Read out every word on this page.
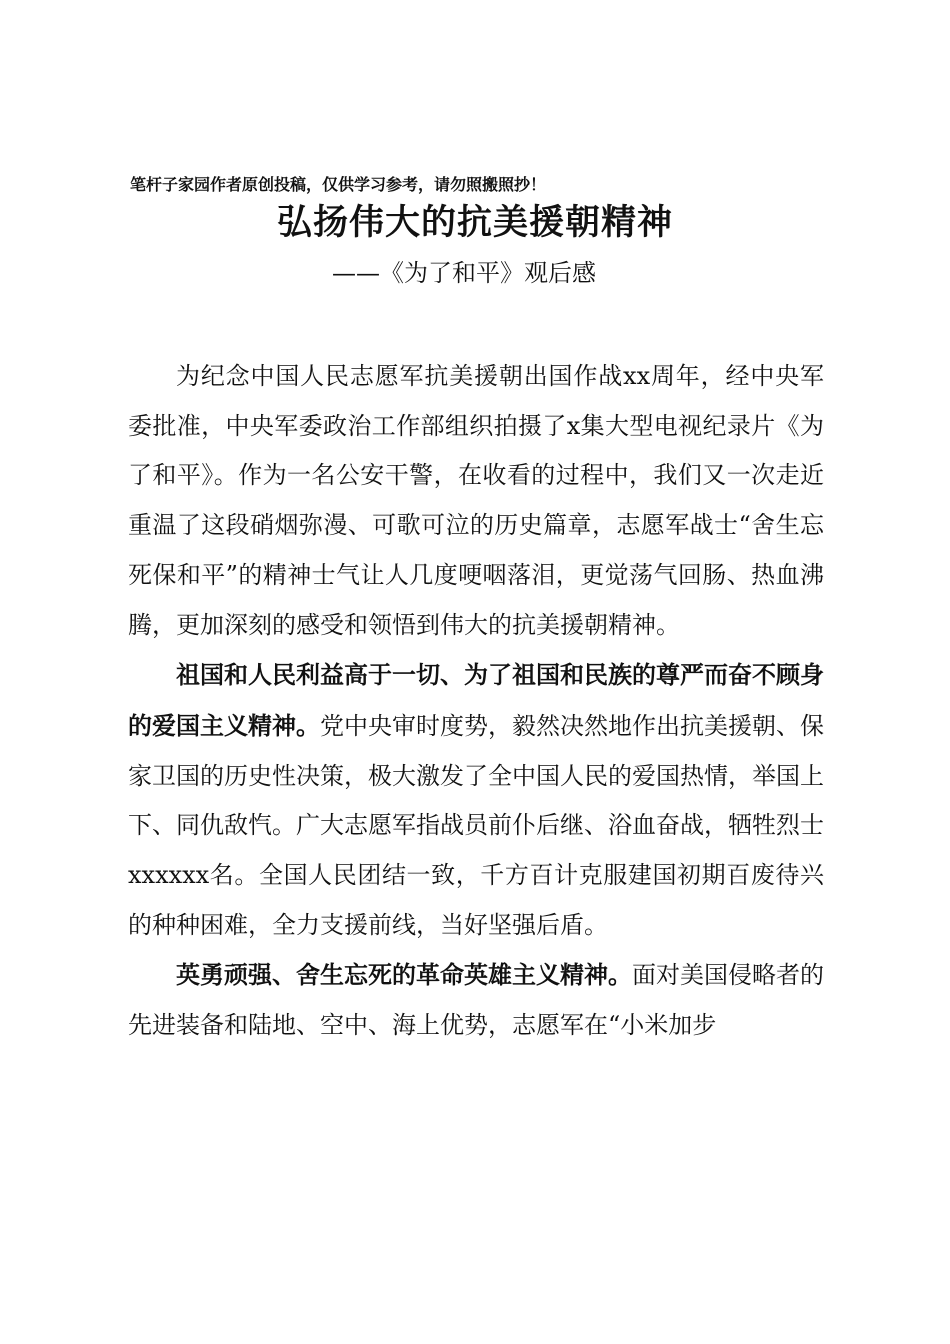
笔杆子家园作者原创投稿，仅供学习参考，请勿照搬照抄！
弘扬伟大的抗美援朝精神
——《为了和平》观后感

为纪念中国人民志愿军抗美援朝出国作战xx周年，经中央军委批准，中央军委政治工作部组织拍摄了x集大型电视纪录片《为了和平》。作为一名公安干警，在收看的过程中，我们又一次走近重温了这段硝烟弥漫、可歌可泣的历史篇章，志愿军战士“舍生忘死保和平”的精神士气让人几度哽咽落泪，更觉荡气回肠、热血沸腾，更加深刻的感受和领悟到伟大的抗美援朝精神。

祖国和人民利益高于一切、为了祖国和民族的尊严而奋不顾身的爱国主义精神。党中央审时度势，毅然决然地作出抗美援朝、保家卫国的历史性决策，极大激发了全中国人民的爱国热情，举国上下、同仇敌忾。广大志愿军指战员前仆后继、浴血奋战，牺牲烈士xxxxxx名。全国人民团结一致，千方百计克服建国初期百废待兴的种种困难，全力支援前线，当好坚强后盾。

英勇顽强、舍生忘死的革命英雄主义精神。面对美国侵略者的先进装备和陆地、空中、海上优势，志愿军在“小米加步
